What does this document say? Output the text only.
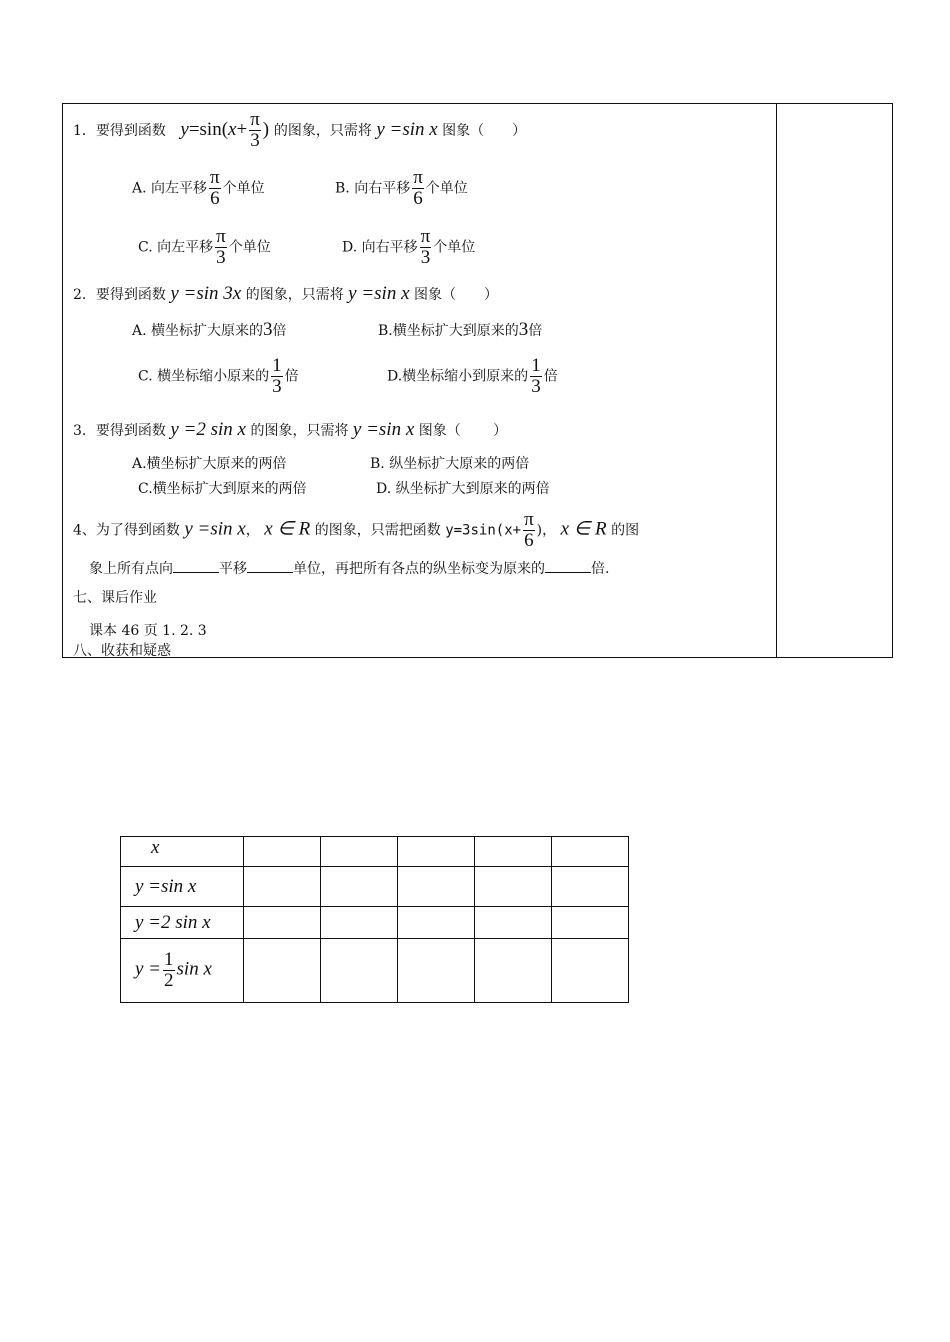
1．要得到函数 $y=\sin(x+ \frac{\pi}{3}$ ) 的图象，只需将 y =sin x 图象（　　）
A. 向左平移 $\frac{\pi}{6}$ 个单位	B. 向右平移 $\frac{\pi}{6}$ 个单位
C. 向左平移 $\frac{\pi}{3}$ 个单位	D. 向右平移 $\frac{\pi}{3}$ 个单位
2．要得到函数 y =sin 3x 的图象，只需将 y =sin x 图象（　　）
A. 横坐标扩大原来的3倍	B.横坐标扩大到原来的3倍
C. 横坐标缩小原来的 $\frac{1}{3}$ 倍	D.横坐标缩小到原来的 $\frac{1}{3}$ 倍
3．要得到函数 y =2 sin x 的图象，只需将 y =sin x 图象（　　 ）
A.横坐标扩大原来的两倍	B. 纵坐标扩大原来的两倍
C.横坐标扩大到原来的两倍	D. 纵坐标扩大到原来的两倍
4、为了得到函数 y =sin x， x ∈ R 的图象，只需把函数 $y=3\sin(x+ \frac{\pi}{6}$ )， x ∈ R 的图
象上所有点向	平移	单位，再把所有各点的纵坐标变为原来的	倍.
七、课后作业
课本 46 页 1. 2. 3
八、收获和疑惑
x					
y =sin x					
y =2 sin x					
$y = \frac{1}{2}$ sin x					
